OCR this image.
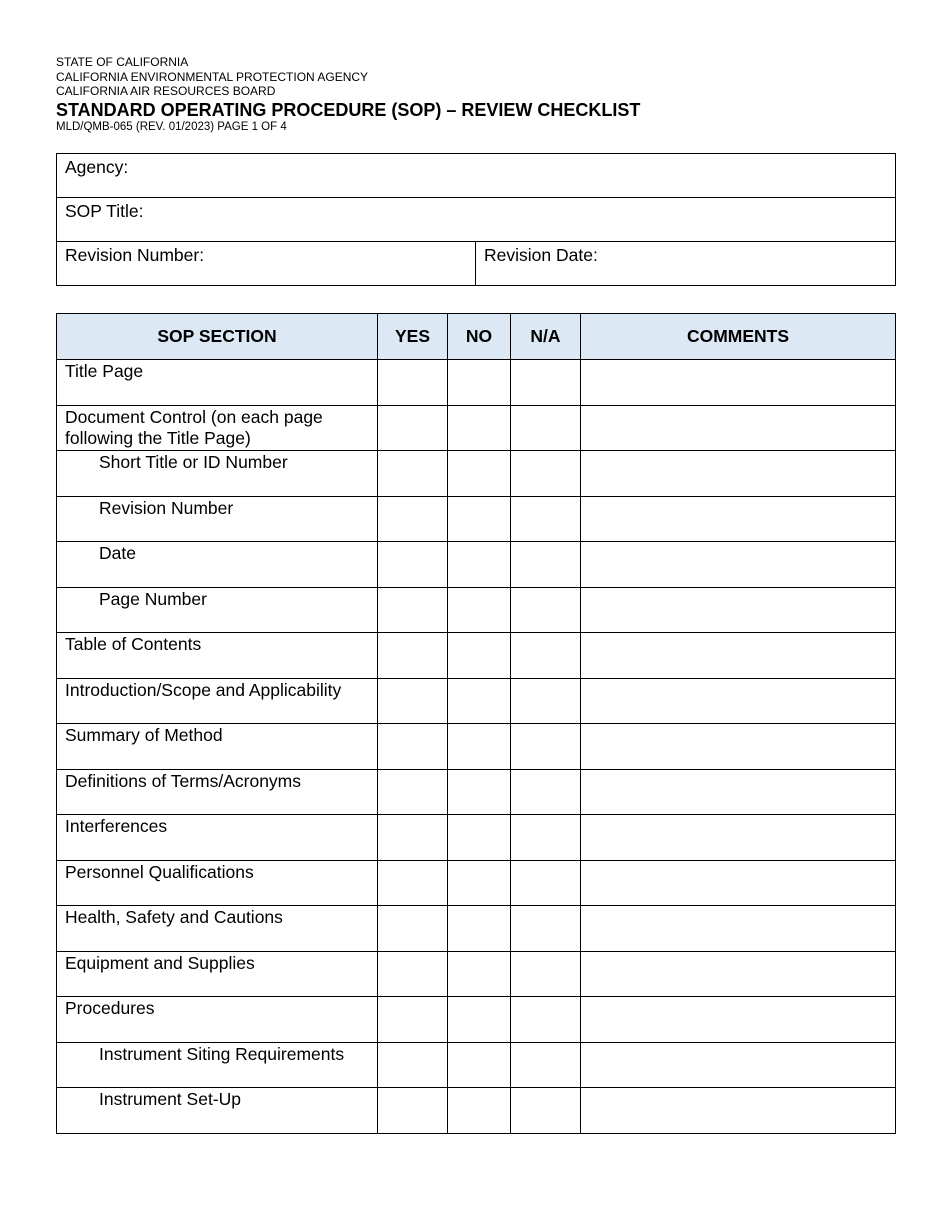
STATE OF CALIFORNIA
CALIFORNIA ENVIRONMENTAL PROTECTION AGENCY
CALIFORNIA AIR RESOURCES BOARD
STANDARD OPERATING PROCEDURE (SOP) – REVIEW CHECKLIST
MLD/QMB-065 (REV. 01/2023) PAGE 1 OF 4
Agency:

SOP Title:

Revision Number:	Revision Date:
SOP SECTION	YES	NO	N/A	COMMENTS
Title Page				
Document Control (on each page following the Title Page)				
Short Title or ID Number				
Revision Number				
Date				
Page Number				
Table of Contents				
Introduction/Scope and Applicability				
Summary of Method				
Definitions of Terms/Acronyms				
Interferences				
Personnel Qualifications				
Health, Safety and Cautions				
Equipment and Supplies				
Procedures				
Instrument Siting Requirements				
Instrument Set-Up				
